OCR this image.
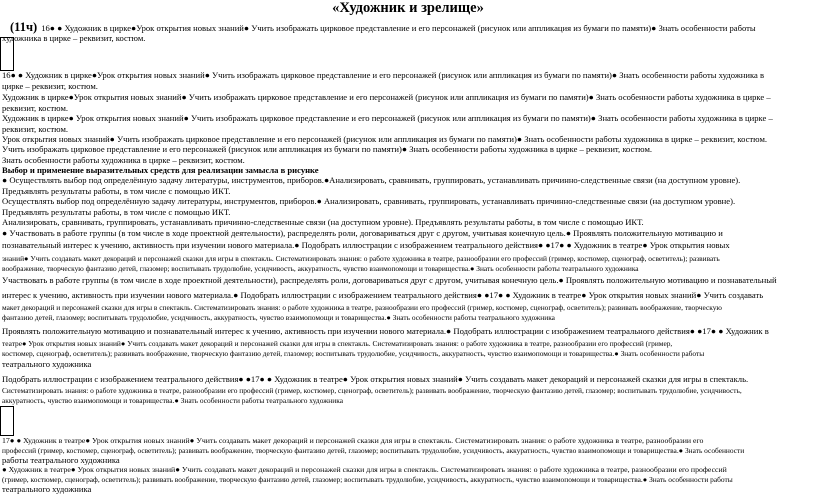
«Художник и зрелище»
(11ч) 16● ● Художник в цирке●Урок открытия новых знаний● Учить изображать цирковое представление и его персонажей (рисунок или аппликация из бумаги по памяти)● Знать особенности работы
художника в цирке – реквизит, костюм.
16● ● Художник в цирке●Урок открытия новых знаний● Учить изображать цирковое представление и его персонажей (рисунок или аппликация из бумаги по памяти)● Знать особенности работы художника в
цирке – реквизит, костюм.
Художник в цирке●Урок открытия новых знаний● Учить изображать цирковое представление и его персонажей (рисунок или аппликация из бумаги по памяти)● Знать особенности работы художника в цирке –
реквизит, костюм.
Художник в цирке● Урок открытия новых знаний● Учить изображать цирковое представление и его персонажей (рисунок или аппликация из бумаги по памяти)● Знать особенности работы художника в цирке –
реквизит, костюм.
Урок открытия новых знаний● Учить изображать цирковое представление и его персонажей (рисунок или аппликация из бумаги по памяти)● Знать особенности работы художника в цирке – реквизит, костюм.
Учить изображать цирковое представление и его персонажей (рисунок или аппликация из бумаги по памяти)● Знать особенности работы художника в цирке – реквизит, костюм.
Знать особенности работы художника в цирке – реквизит, костюм.
Выбор и применение выразительных средств для реализации замысла в рисунке
● Осуществлять выбор под определённую задачу литературы, инструментов, приборов.●Анализировать, сравнивать, группировать, устанавливать причинно-следственные связи (на доступном уровне).
Предъявлять результаты работы, в том числе с помощью ИКТ.
Осуществлять выбор под определённую задачу литературы, инструментов, приборов.● Анализировать, сравнивать, группировать, устанавливать причинно-следственные связи (на доступном уровне).
Предъявлять результаты работы, в том числе с помощью ИКТ.
Анализировать, сравнивать, группировать, устанавливать причинно-следственные связи (на доступном уровне). Предъявлять результаты работы, в том числе с помощью ИКТ.
● Участвовать в работе группы (в том числе в ходе проектной деятельности), распределять роли, договариваться друг с другом, учитывая конечную цель.● Проявлять положительную мотивацию и
познавательный интерес к учению, активность при изучении нового материала.● Подобрать иллюстрации с изображением театрального действия● ●17● ● Художник в театре● Урок открытия новых
знаний● Учить создавать макет декораций и персонажей сказки для игры в спектакль. Систематизировать знания: о работе художника в театре, разнообразии его профессий (гример, костюмер, сценограф, осветитель); развивать
воображение, творческую фантазию детей, глазомер; воспитывать трудолюбие, усидчивость, аккуратность, чувство взаимопомощи и товарищества.● Знать особенности работы театрального художника
Участвовать в работе группы (в том числе в ходе проектной деятельности), распределять роли, договариваться друг с другом, учитывая конечную цель.● Проявлять положительную мотивацию и познавательный
интерес к учению, активность при изучении нового материала.● Подобрать иллюстрации с изображением театрального действия● ●17● ● Художник в театре● Урок открытия новых знаний● Учить создавать
макет декораций и персонажей сказки для игры в спектакль. Систематизировать знания: о работе художника в театре, разнообразии его профессий (гример, костюмер, сценограф, осветитель); развивать воображение, творческую
фантазию детей, глазомер; воспитывать трудолюбие, усидчивость, аккуратность, чувство взаимопомощи и товарищества.● Знать особенности работы театрального художника
Проявлять положительную мотивацию и познавательный интерес к учению, активность при изучении нового материала.● Подобрать иллюстрации с изображением театрального действия● ●17● ● Художник в
театре● Урок открытия новых знаний● Учить создавать макет декораций и персонажей сказки для игры в спектакль. Систематизировать знания: о работе художника в театре, разнообразии его профессий (гример,
костюмер, сценограф, осветитель); развивать воображение, творческую фантазию детей, глазомер; воспитывать трудолюбие, усидчивость, аккуратность, чувство взаимопомощи и товарищества.● Знать особенности работы
театрального художника
Подобрать иллюстрации с изображением театрального действия● ●17● ● Художник в театре● Урок открытия новых знаний● Учить создавать макет декораций и персонажей сказки для игры в спектакль.
Систематизировать знания: о работе художника в театре, разнообразии его профессий (гример, костюмер, сценограф, осветитель); развивать воображение, творческую фантазию детей, глазомер; воспитывать трудолюбие, усидчивость,
аккуратность, чувство взаимопомощи и товарищества.● Знать особенности работы театрального художника
17● ● Художник в театре● Урок открытия новых знаний● Учить создавать макет декораций и персонажей сказки для игры в спектакль. Систематизировать знания: о работе художника в театре, разнообразии его
профессий (гример, костюмер, сценограф, осветитель); развивать воображение, творческую фантазию детей, глазомер; воспитывать трудолюбие, усидчивость, аккуратность, чувство взаимопомощи и товарищества.● Знать особенности
работы театрального художника
● Художник в театре● Урок открытия новых знаний● Учить создавать макет декораций и персонажей сказки для игры в спектакль. Систематизировать знания: о работе художника в театре, разнообразии его профессий
(гример, костюмер, сценограф, осветитель); развивать воображение, творческую фантазию детей, глазомер; воспитывать трудолюбие, усидчивость, аккуратность, чувство взаимопомощи и товарищества.● Знать особенности работы
театрального художника
